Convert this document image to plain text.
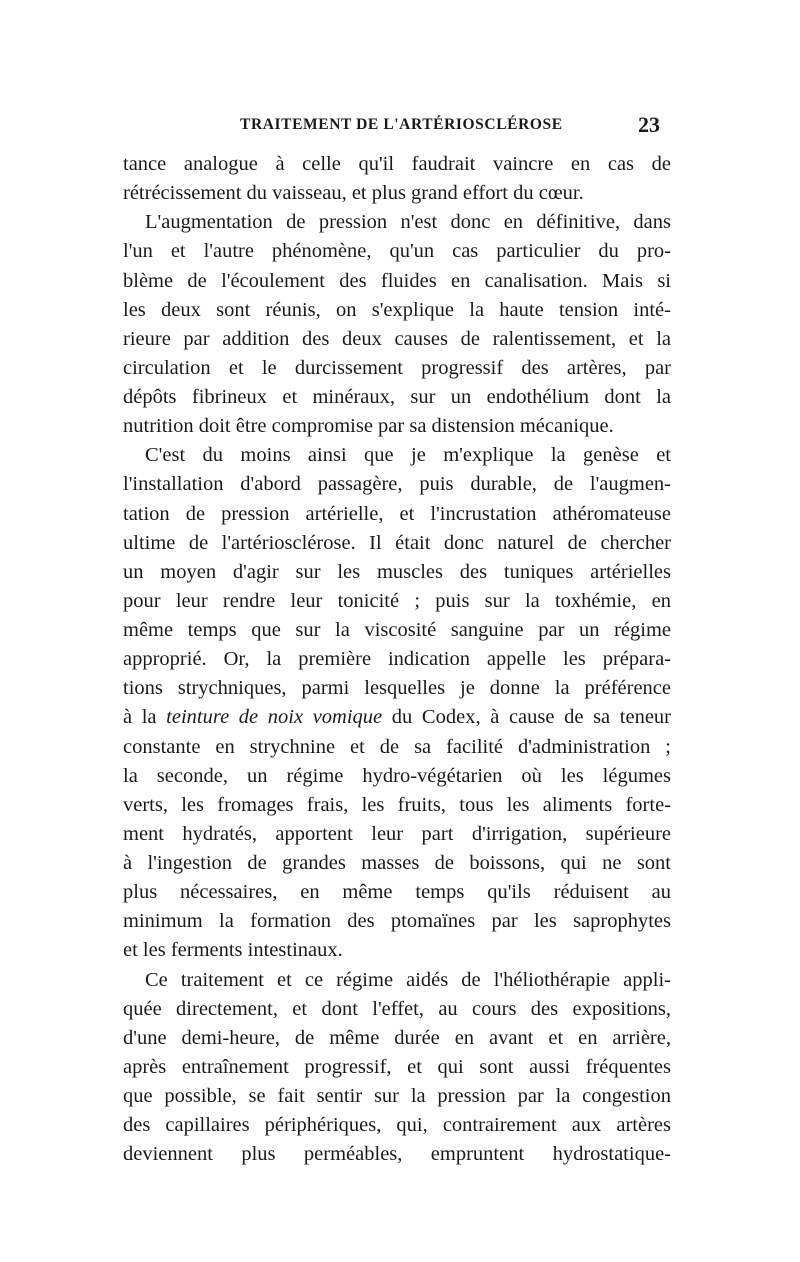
TRAITEMENT DE L'ARTÉRIOSCLÉROSE	23
tance analogue à celle qu'il faudrait vaincre en cas de
rétrécissement du vaisseau, et plus grand effort du cœur.
L'augmentation de pression n'est donc en définitive, dans
l'un et l'autre phénomène, qu'un cas particulier du pro-
blème de l'écoulement des fluides en canalisation. Mais si
les deux sont réunis, on s'explique la haute tension inté-
rieure par addition des deux causes de ralentissement, et la
circulation et le durcissement progressif des artères, par
dépôts fibrineux et minéraux, sur un endothélium dont la
nutrition doit être compromise par sa distension mécanique.
C'est du moins ainsi que je m'explique la genèse et
l'installation d'abord passagère, puis durable, de l'augmen-
tation de pression artérielle, et l'incrustation athéromateuse
ultime de l'artériosclérose. Il était donc naturel de chercher
un moyen d'agir sur les muscles des tuniques artérielles
pour leur rendre leur tonicité ; puis sur la toxhémie, en
même temps que sur la viscosité sanguine par un régime
approprié. Or, la première indication appelle les prépara-
tions strychniques, parmi lesquelles je donne la préférence
à la teinture de noix vomique du Codex, à cause de sa teneur
constante en strychnine et de sa facilité d'administration ;
la seconde, un régime hydro-végétarien où les légumes
verts, les fromages frais, les fruits, tous les aliments forte-
ment hydratés, apportent leur part d'irrigation, supérieure
à l'ingestion de grandes masses de boissons, qui ne sont
plus nécessaires, en même temps qu'ils réduisent au
minimum la formation des ptomaïnes par les saprophytes
et les ferments intestinaux.
Ce traitement et ce régime aidés de l'héliothérapie appli-
quée directement, et dont l'effet, au cours des expositions,
d'une demi-heure, de même durée en avant et en arrière,
après entraînement progressif, et qui sont aussi fréquentes
que possible, se fait sentir sur la pression par la congestion
des capillaires périphériques, qui, contrairement aux artères
deviennent plus perméables, empruntent hydrostatique-
